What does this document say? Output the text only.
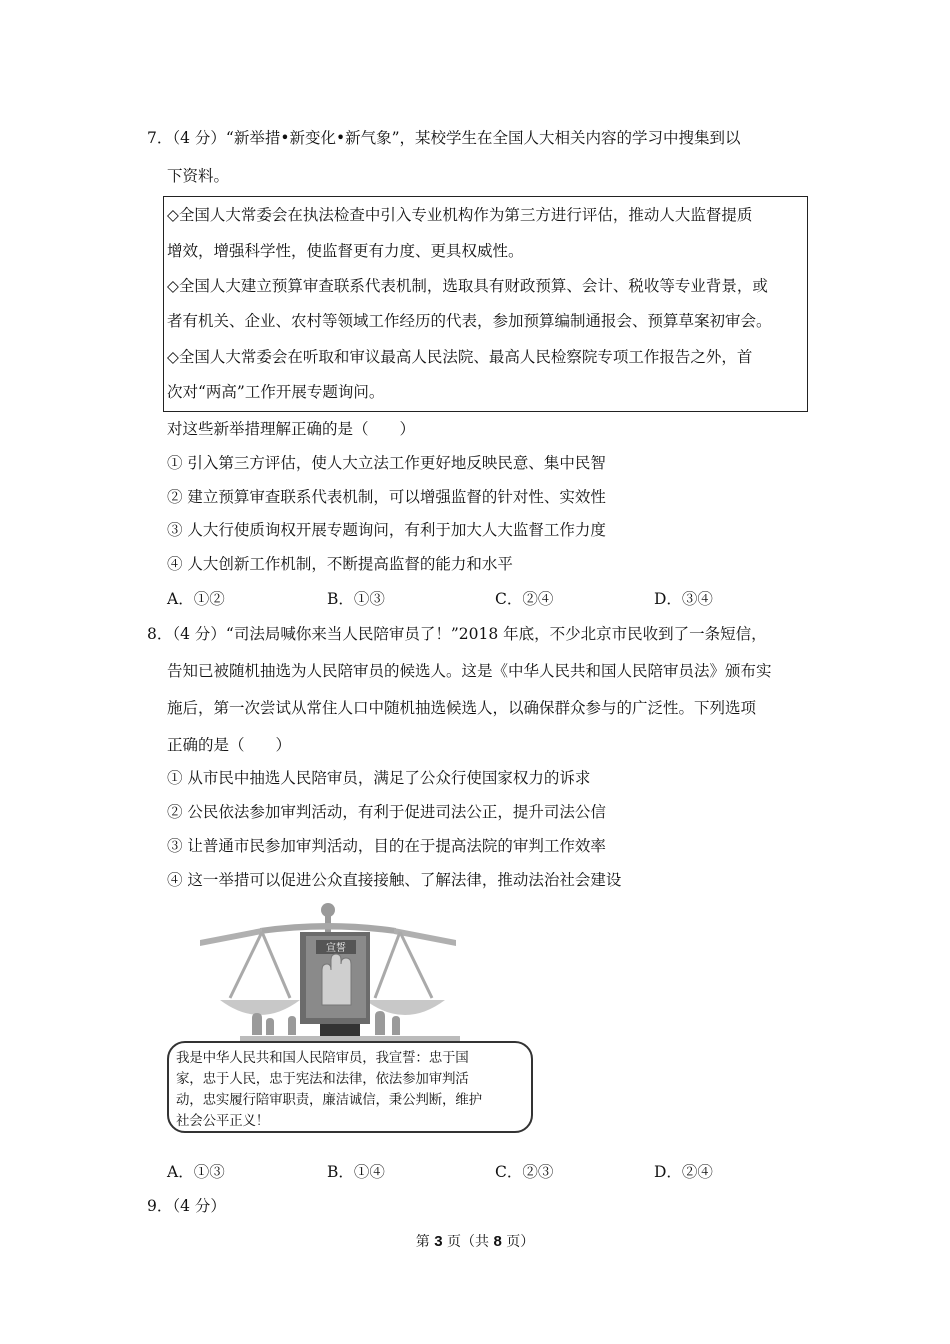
7．（4 分）“新举措•新变化•新气象”，某校学生在全国人大相关内容的学习中搜集到以
下资料。
◇全国人大常委会在执法检查中引入专业机构作为第三方进行评估，推动人大监督提质
增效，增强科学性，使监督更有力度、更具权威性。
◇全国人大建立预算审查联系代表机制，选取具有财政预算、会计、税收等专业背景，或
者有机关、企业、农村等领域工作经历的代表，参加预算编制通报会、预算草案初审会。
◇全国人大常委会在听取和审议最高人民法院、最高人民检察院专项工作报告之外，首
次对“两高”工作开展专题询问。
对这些新举措理解正确的是（　　）
① 引入第三方评估，使人大立法工作更好地反映民意、集中民智
② 建立预算审查联系代表机制，可以增强监督的针对性、实效性
③ 人大行使质询权开展专题询问，有利于加大人大监督工作力度
④ 人大创新工作机制，不断提高监督的能力和水平
A．①②	B．①③	C．②④	D．③④
8．（4 分）“司法局喊你来当人民陪审员了！”2018 年底，不少北京市民收到了一条短信，
告知已被随机抽选为人民陪审员的候选人。这是《中华人民共和国人民陪审员法》颁布实
施后，第一次尝试从常住人口中随机抽选候选人，以确保群众参与的广泛性。下列选项
正确的是（　　）
① 从市民中抽选人民陪审员，满足了公众行使国家权力的诉求
② 公民依法参加审判活动，有利于促进司法公正，提升司法公信
③ 让普通市民参加审判活动，目的在于提高法院的审判工作效率
④ 这一举措可以促进公众直接接触、了解法律，推动法治社会建设
宣誓
我是中华人民共和国人民陪审员，我宣誓：忠于国
家，忠于人民，忠于宪法和法律，依法参加审判活
动，忠实履行陪审职责，廉洁诚信，秉公判断，维护
社会公平正义！
A．①③	B．①④	C．②③	D．②④
9．（4 分）
第 3 页（共 8 页）
